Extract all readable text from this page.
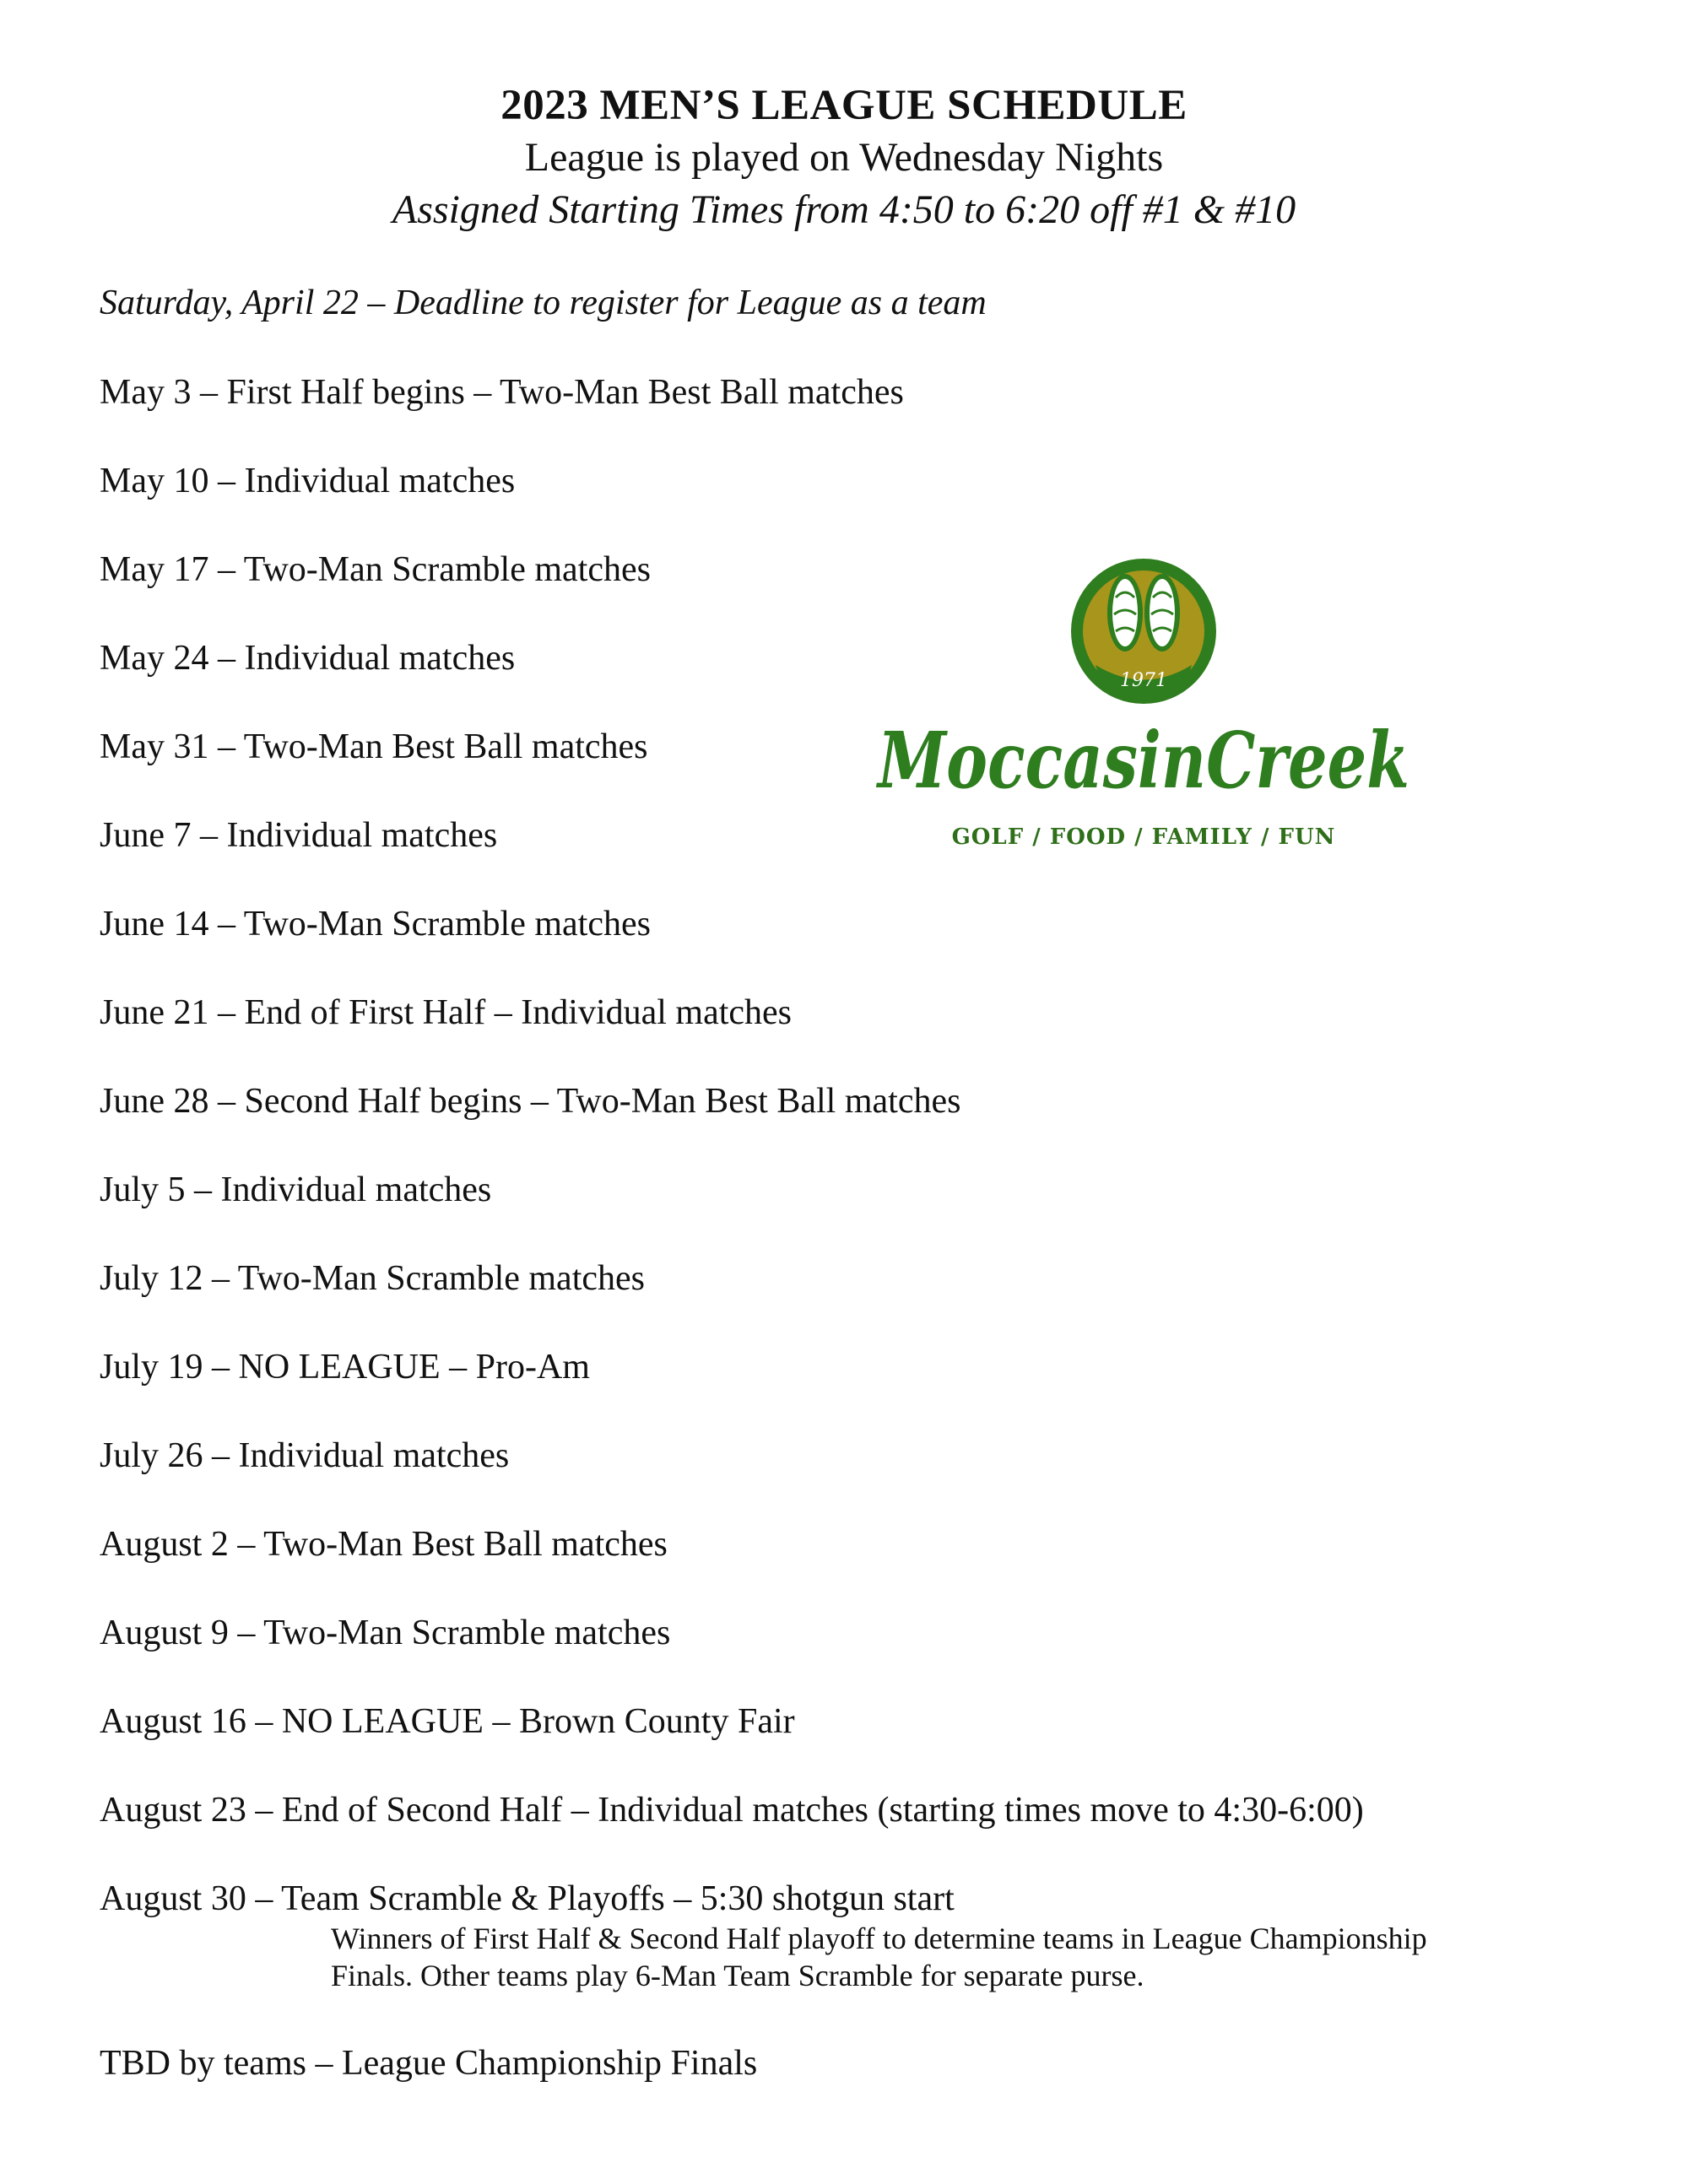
2023 MEN’S LEAGUE SCHEDULE
League is played on Wednesday Nights
Assigned Starting Times from 4:50 to 6:20 off #1 & #10
Saturday, April 22 – Deadline to register for League as a team
May 3 – First Half begins – Two-Man Best Ball matches
May 10 – Individual matches
May 17 – Two-Man Scramble matches
May 24 – Individual matches
May 31 – Two-Man Best Ball matches
June 7 – Individual matches
June 14 – Two-Man Scramble matches
June 21 – End of First Half – Individual matches
June 28 – Second Half begins – Two-Man Best Ball matches
July 5 – Individual matches
July 12 – Two-Man Scramble matches
July 19 – NO LEAGUE – Pro-Am
July 26 – Individual matches
August 2 – Two-Man Best Ball matches
August 9 – Two-Man Scramble matches
August 16 – NO LEAGUE – Brown County Fair
August 23 – End of Second Half – Individual matches (starting times move to 4:30-6:00)
August 30 – Team Scramble & Playoffs – 5:30 shotgun start
Winners of First Half & Second Half playoff to determine teams in League Championship
Finals. Other teams play 6-Man Team Scramble for separate purse.
TBD by teams – League Championship Finals
1971
MoccasinCreek
GOLF / FOOD / FAMILY / FUN
